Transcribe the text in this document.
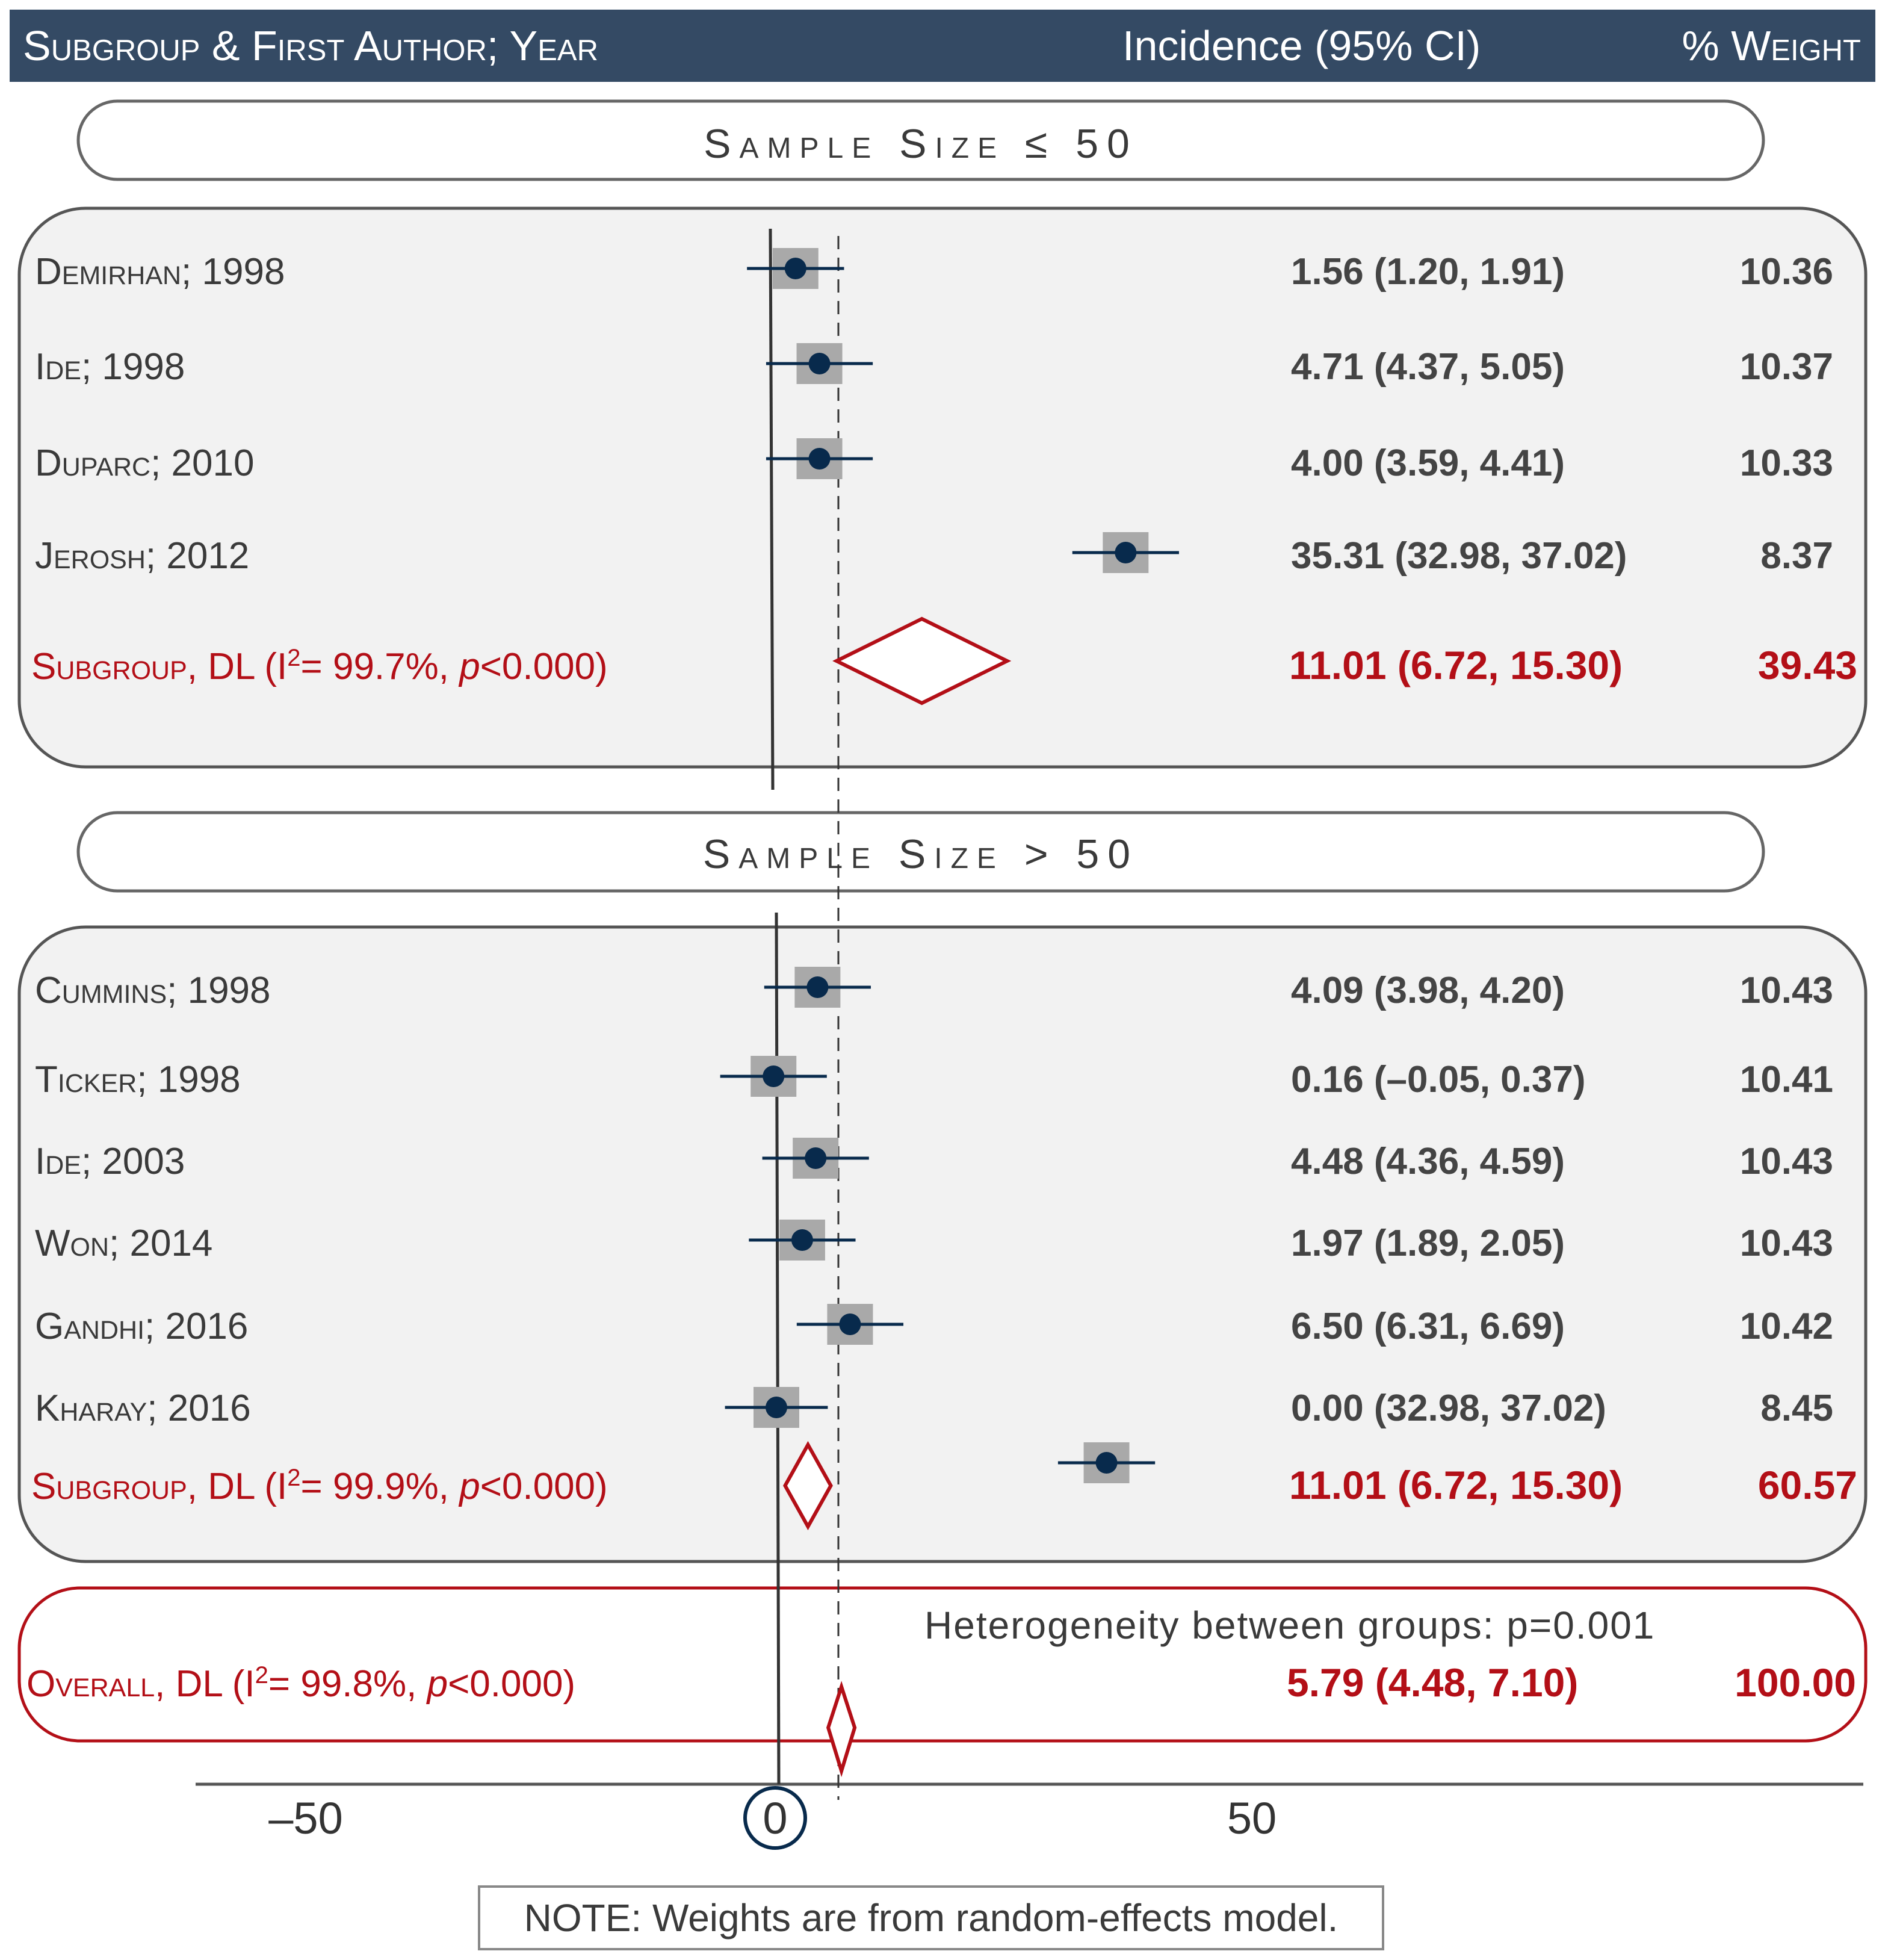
Subgroup & First Author; Year	Incidence (95% CI)	% Weight
Sample Size ≤ 50
Sample Size > 50
Heterogeneity between groups: p=0.001
–50	0	50
Demirhan; 1998	1.56 (1.20, 1.91)	10.36
Ide; 1998	4.71 (4.37, 5.05)	10.37
Duparc; 2010	4.00 (3.59, 4.41)	10.33
Jerosh; 2012	35.31 (32.98, 37.02)	8.37
Subgroup, DL ($I^2= 99.7\%$, p<0.000)	11.01 (6.72, 15.30)	39.43
Cummins; 1998	4.09 (3.98, 4.20)	10.43
Ticker; 1998	0.16 (–0.05, 0.37)	10.41
Ide; 2003	4.48 (4.36, 4.59)	10.43
Won; 2014	1.97 (1.89, 2.05)	10.43
Gandhi; 2016	6.50 (6.31, 6.69)	10.42
Kharay; 2016	0.00 (32.98, 37.02)	8.45
Subgroup, DL ($I^2= 99.9\%$, p<0.000)	11.01 (6.72, 15.30)	60.57
Overall, DL ($I^2= 99.8\%$, p<0.000)	5.79 (4.48, 7.10)	100.00
NOTE: Weights are from random-effects model.
